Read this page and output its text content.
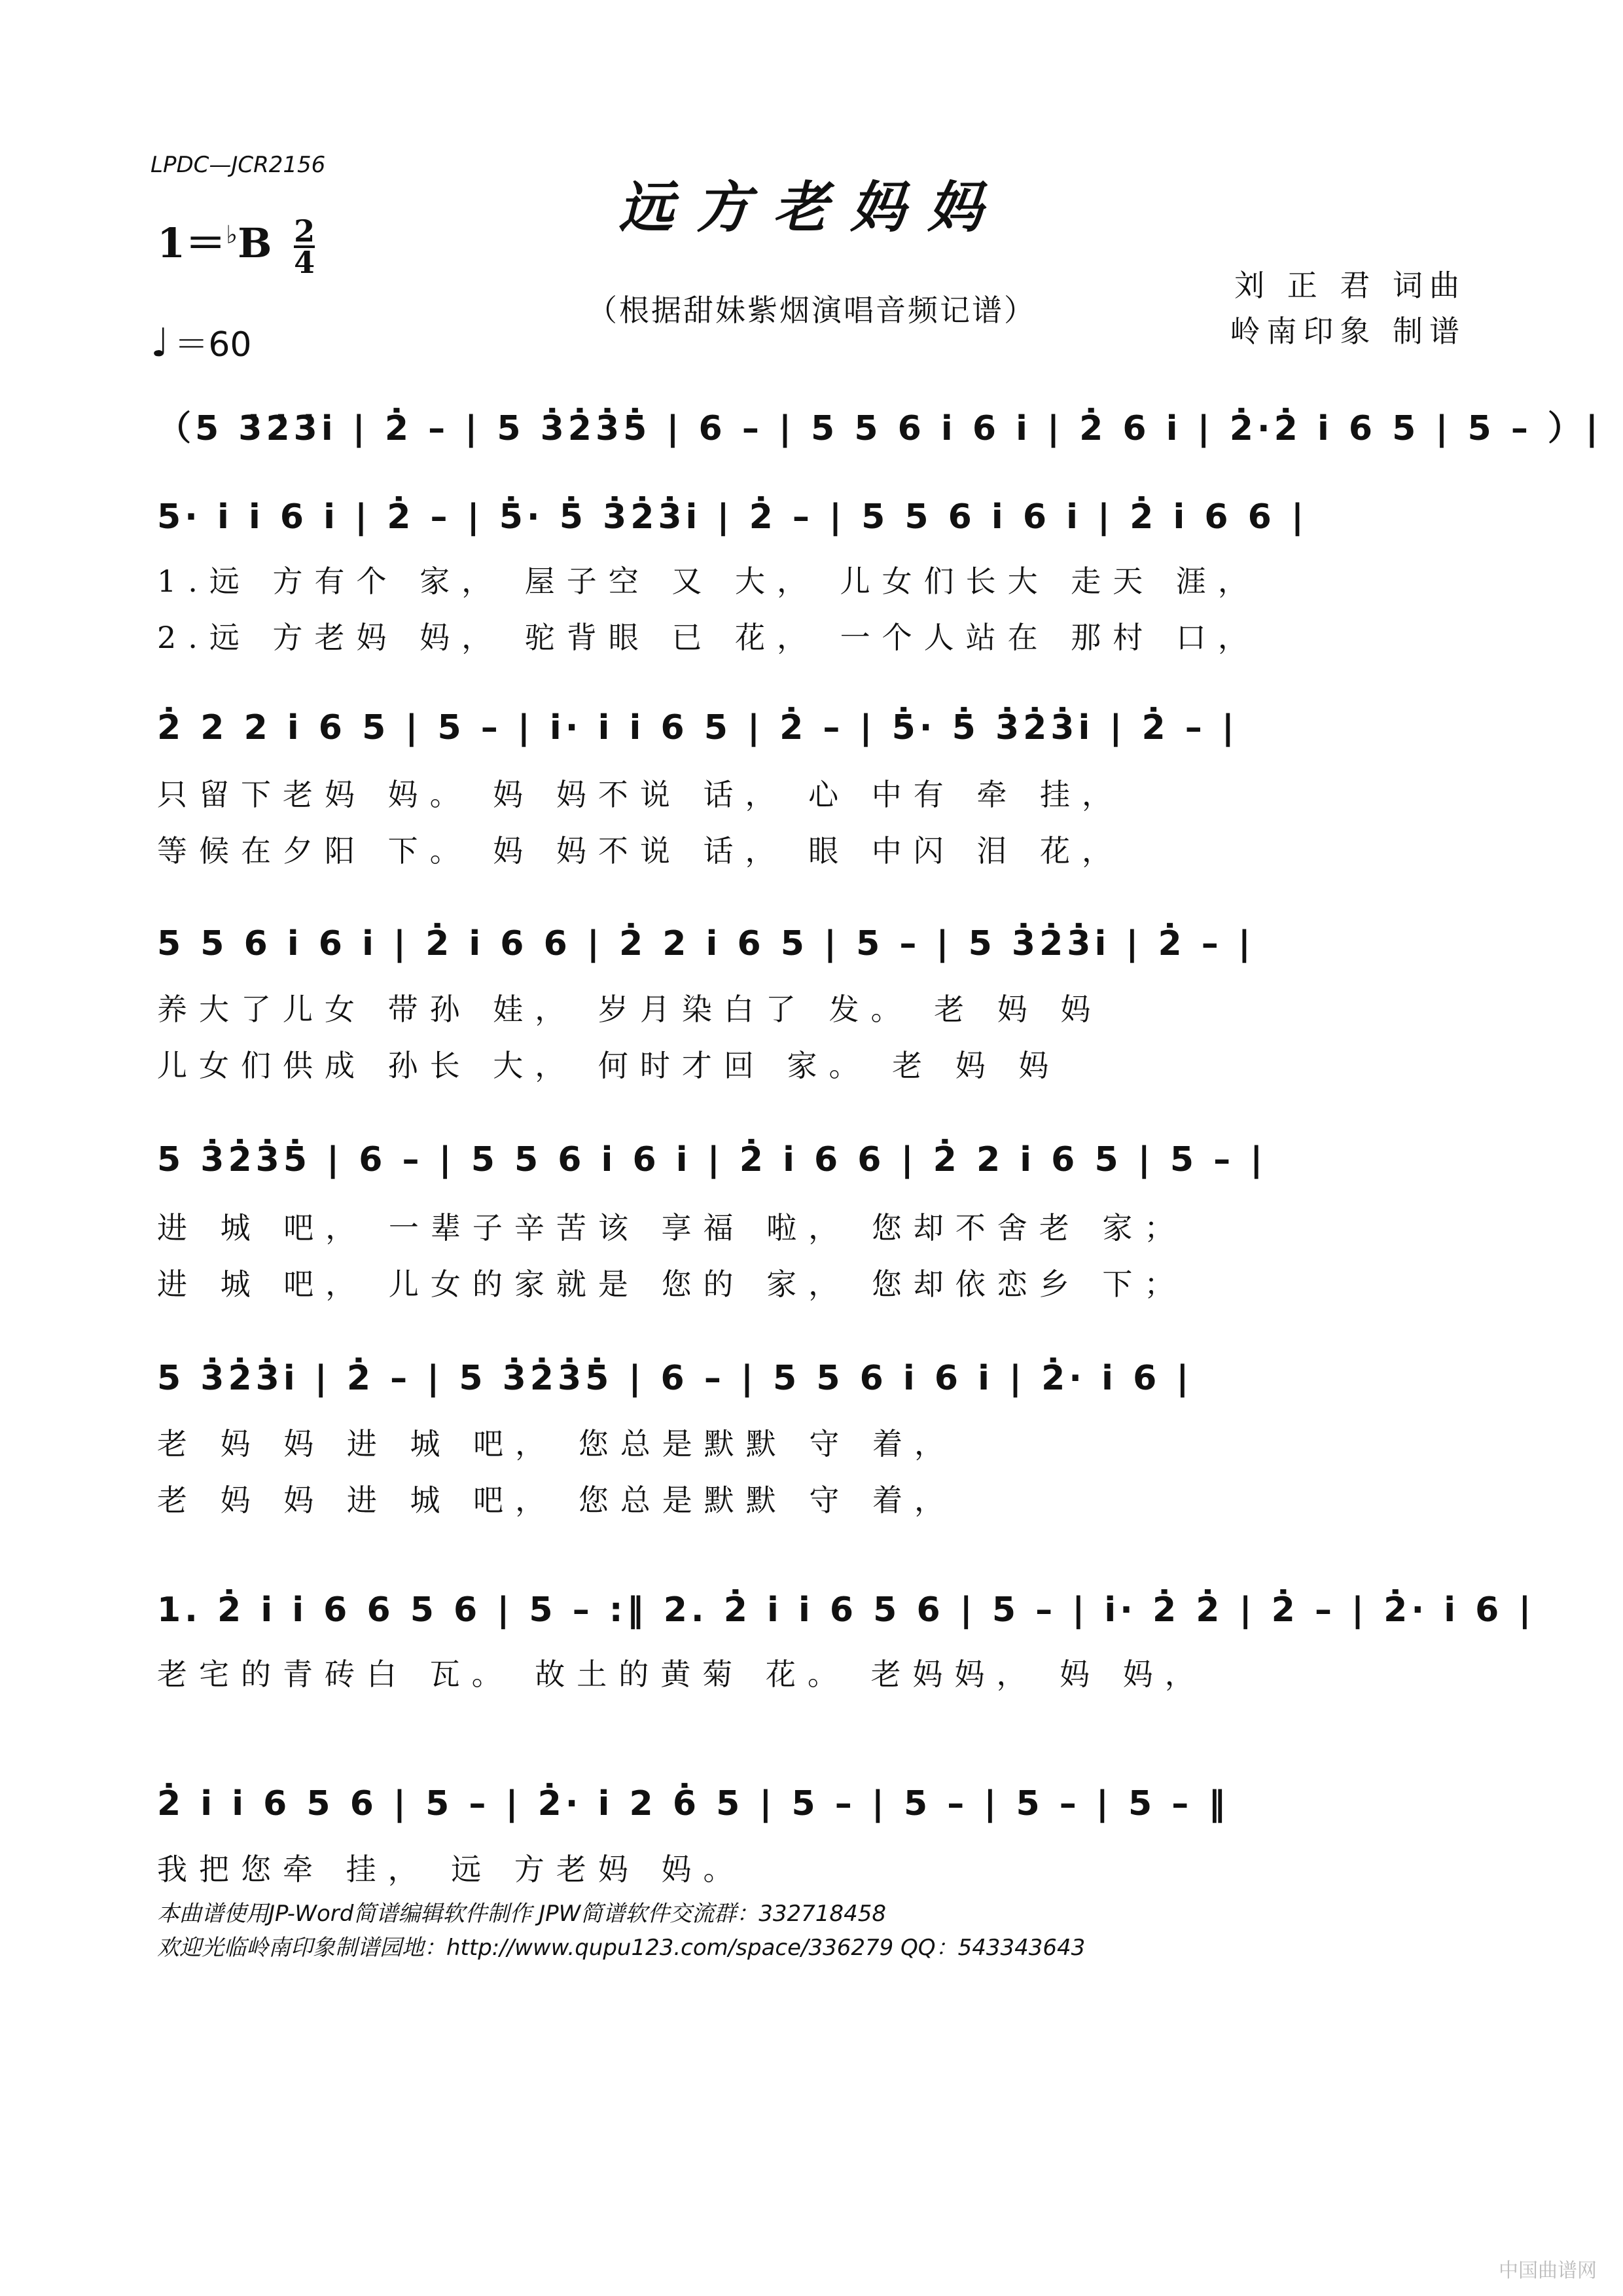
LPDC—JCR2156
远方老妈妈
（根据甜妹紫烟演唱音频记谱）
$1=^♭B \frac{2}{4}$
♩ ＝60
刘 正 君 词曲
岭南印象 制谱
（5 3̇2̇3̇i̇ | 2̇ – | 5 3̇2̇3̇5̇ | 6 – | 5 5 6 i̇ 6 i̇ | 2̇ 6 i̇ | 2̇·2̇ i̇ 6 5 | 5 – ）|
5· i̇ i̇ 6 i̇ | 2̇ – | 5̇· 5̇ 3̇2̇3̇i̇ | 2̇ – | 5 5 6 i̇ 6 i̇ | 2̇ i̇ 6 6 |
1.远 方有个 家， 屋子空 又 大， 儿女们长大 走天 涯，
2.远 方老妈 妈， 驼背眼 已 花， 一个人站在 那村 口，
2̇ 2 2 i̇ 6 5 | 5 – | i̇· i̇ i̇ 6 5 | 2̇ – | 5̇· 5̇ 3̇2̇3̇i̇ | 2̇ – |
只留下老妈 妈。 妈 妈不说 话， 心 中有 牵 挂，
等候在夕阳 下。 妈 妈不说 话， 眼 中闪 泪 花，
5 5 6 i̇ 6 i̇ | 2̇ i̇ 6 6 | 2̇ 2 i̇ 6 5 | 5 – | 5 3̇2̇3̇i̇ | 2̇ – |
养大了儿女 带孙 娃， 岁月染白了 发。 老 妈 妈
儿女们供成 孙长 大， 何时才回 家。 老 妈 妈
5 3̇2̇3̇5̇ | 6 – | 5 5 6 i̇ 6 i̇ | 2̇ i̇ 6 6 | 2̇ 2 i̇ 6 5 | 5 – |
进 城 吧， 一辈子辛苦该 享福 啦， 您却不舍老 家；
进 城 吧， 儿女的家就是 您的 家， 您却依恋乡 下；
5 3̇2̇3̇i̇ | 2̇ – | 5 3̇2̇3̇5̇ | 6 – | 5 5 6 i̇ 6 i̇ | 2̇· i̇ 6 |
老 妈 妈 进 城 吧， 您总是默默 守 着，
老 妈 妈 进 城 吧， 您总是默默 守 着，
1. 2̇ i̇ i̇ 6 6 5 6 | 5 – :‖ 2. 2̇ i̇ i̇ 6 5 6 | 5 – | i̇· 2̇ 2̇ | 2̇ – | 2̇· i̇ 6 |
老宅的青砖白 瓦。 故土的黄菊 花。 老妈妈， 妈 妈，
2̇ i̇ i̇ 6 5 6 | 5 – | 2̇· i̇ 2 6̇ 5 | 5 – | 5 – | 5 – | 5 – ‖
我把您牵 挂， 远 方老妈 妈。
本曲谱使用JP-Word简谱编辑软件制作 JPW简谱软件交流群：332718458
欢迎光临岭南印象制谱园地：http://www.qupu123.com/space/336279 QQ：543343643
中国曲谱网
